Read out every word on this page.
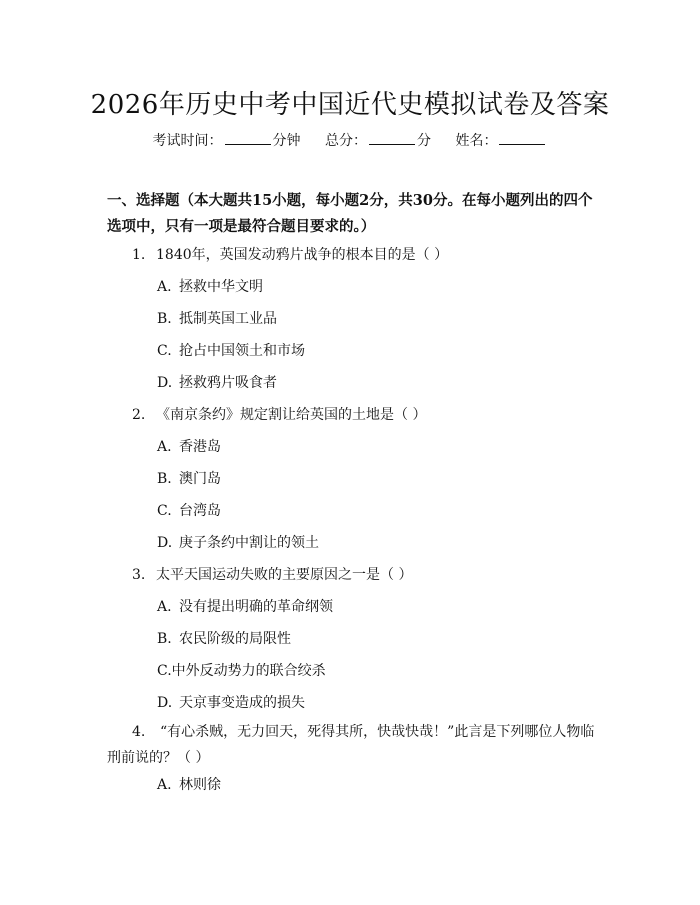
2026年历史中考中国近代史模拟试卷及答案
考试时间：	分钟 总分：	分 姓名：
一、选择题（本大题共15小题，每小题2分，共30分。在每小题列出的四个选项中，只有一项是最符合题目要求的。）
1. 1840年，英国发动鸦片战争的根本目的是（ ）
A. 拯救中华文明
B. 抵制英国工业品
C. 抢占中国领土和市场
D. 拯救鸦片吸食者
2. 《南京条约》规定割让给英国的土地是（ ）
A. 香港岛
B. 澳门岛
C. 台湾岛
D. 庚子条约中割让的领土
3. 太平天国运动失败的主要原因之一是（ ）
A. 没有提出明确的革命纲领
B. 农民阶级的局限性
C.中外反动势力的联合绞杀
D. 天京事变造成的损失
4. “有心杀贼，无力回天，死得其所，快哉快哉！”此言是下列哪位人物临刑前说的？（ ）
A. 林则徐
